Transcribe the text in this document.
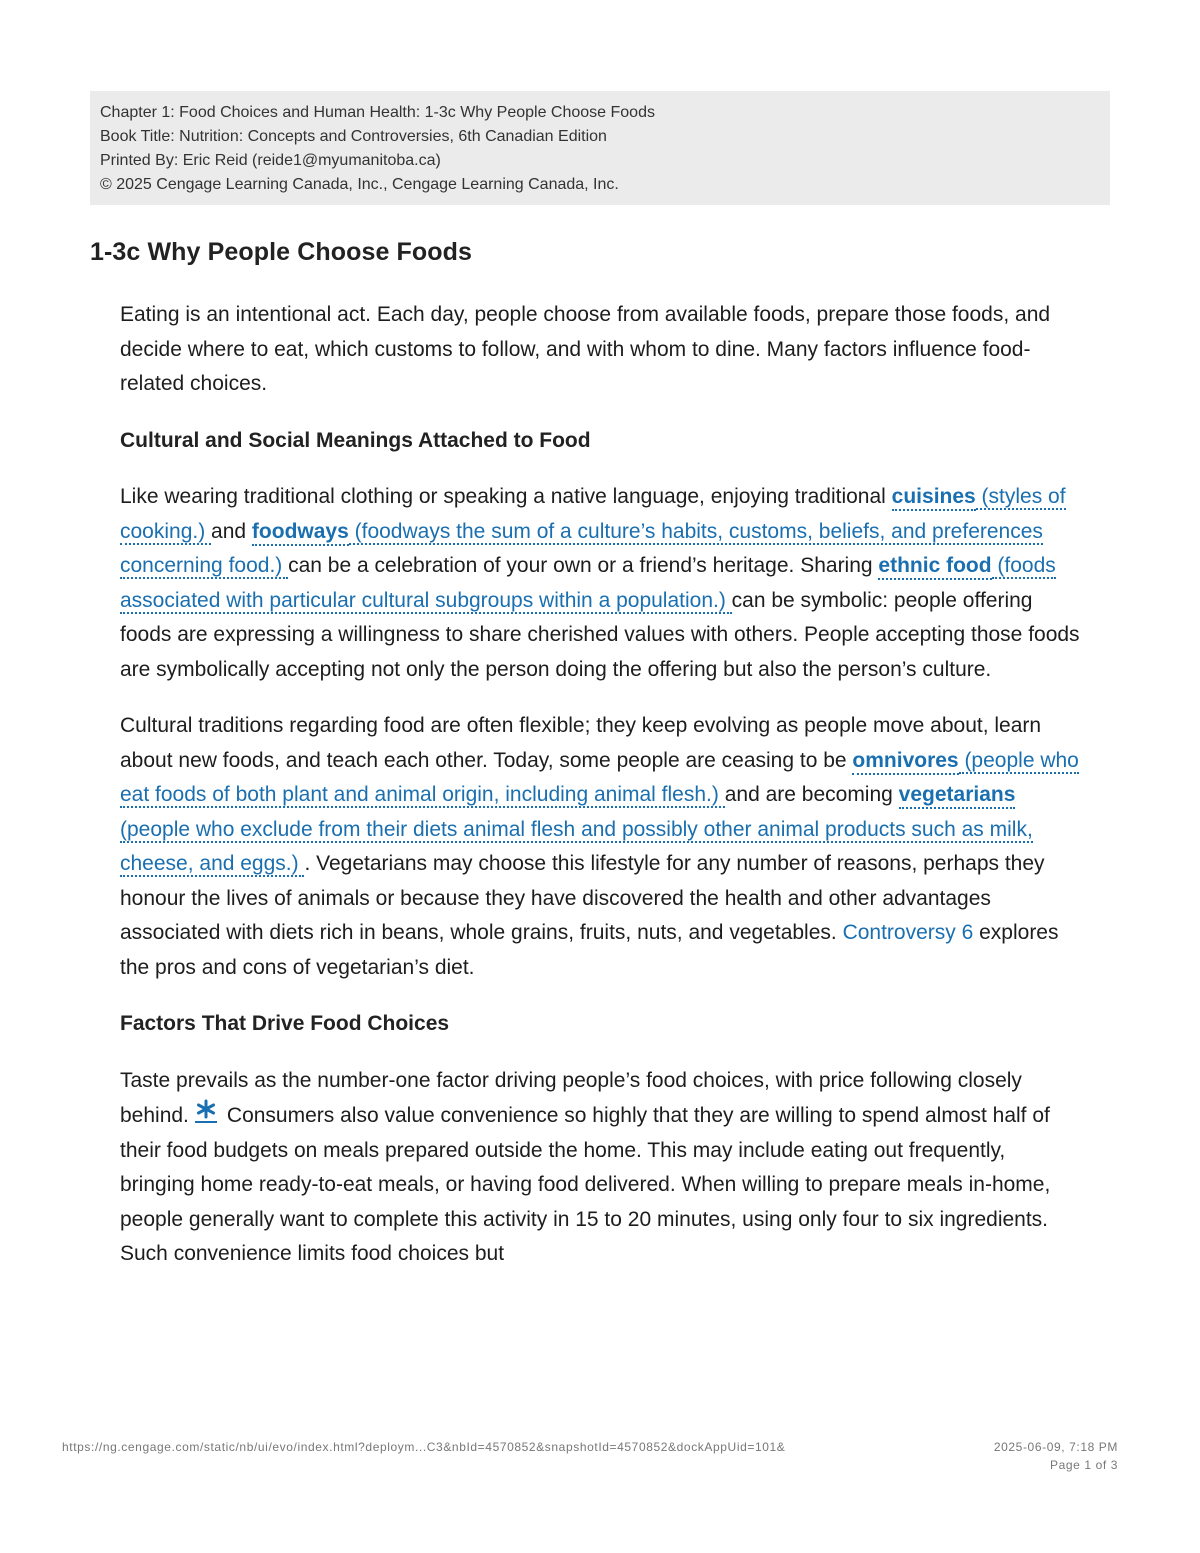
Chapter 1: Food Choices and Human Health: 1-3c Why People Choose Foods
Book Title: Nutrition: Concepts and Controversies, 6th Canadian Edition
Printed By: Eric Reid (reide1@myumanitoba.ca)
© 2025 Cengage Learning Canada, Inc., Cengage Learning Canada, Inc.
1-3c Why People Choose Foods

Eating is an intentional act. Each day, people choose from available foods, prepare those foods, and decide where to eat, which customs to follow, and with whom to dine. Many factors influence food-related choices.

Cultural and Social Meanings Attached to Food

Like wearing traditional clothing or speaking a native language, enjoying traditional cuisines (styles of cooking.) and foodways (foodways the sum of a culture’s habits, customs, beliefs, and preferences concerning food.) can be a celebration of your own or a friend’s heritage. Sharing ethnic food (foods associated with particular cultural subgroups within a population.) can be symbolic: people offering foods are expressing a willingness to share cherished values with others. People accepting those foods are symbolically accepting not only the person doing the offering but also the person’s culture.

Cultural traditions regarding food are often flexible; they keep evolving as people move about, learn about new foods, and teach each other. Today, some people are ceasing to be omnivores (people who eat foods of both plant and animal origin, including animal flesh.) and are becoming vegetarians (people who exclude from their diets animal flesh and possibly other animal products such as milk, cheese, and eggs.) . Vegetarians may choose this lifestyle for any number of reasons, perhaps they honour the lives of animals or because they have discovered the health and other advantages associated with diets rich in beans, whole grains, fruits, nuts, and vegetables. Controversy 6 explores the pros and cons of vegetarian’s diet.

Factors That Drive Food Choices

Taste prevails as the number-one factor driving people’s food choices, with price following closely behind. Consumers also value convenience so highly that they are willing to spend almost half of their food budgets on meals prepared outside the home. This may include eating out frequently, bringing home ready-to-eat meals, or having food delivered. When willing to prepare meals in-home, people generally want to complete this activity in 15 to 20 minutes, using only four to six ingredients. Such convenience limits food choices but

https://ng.cengage.com/static/nb/ui/evo/index.html?deploym...C3&nbId=4570852&snapshotId=4570852&dockAppUid=101&	2025-06-09, 7:18 PM
Page 1 of 3
